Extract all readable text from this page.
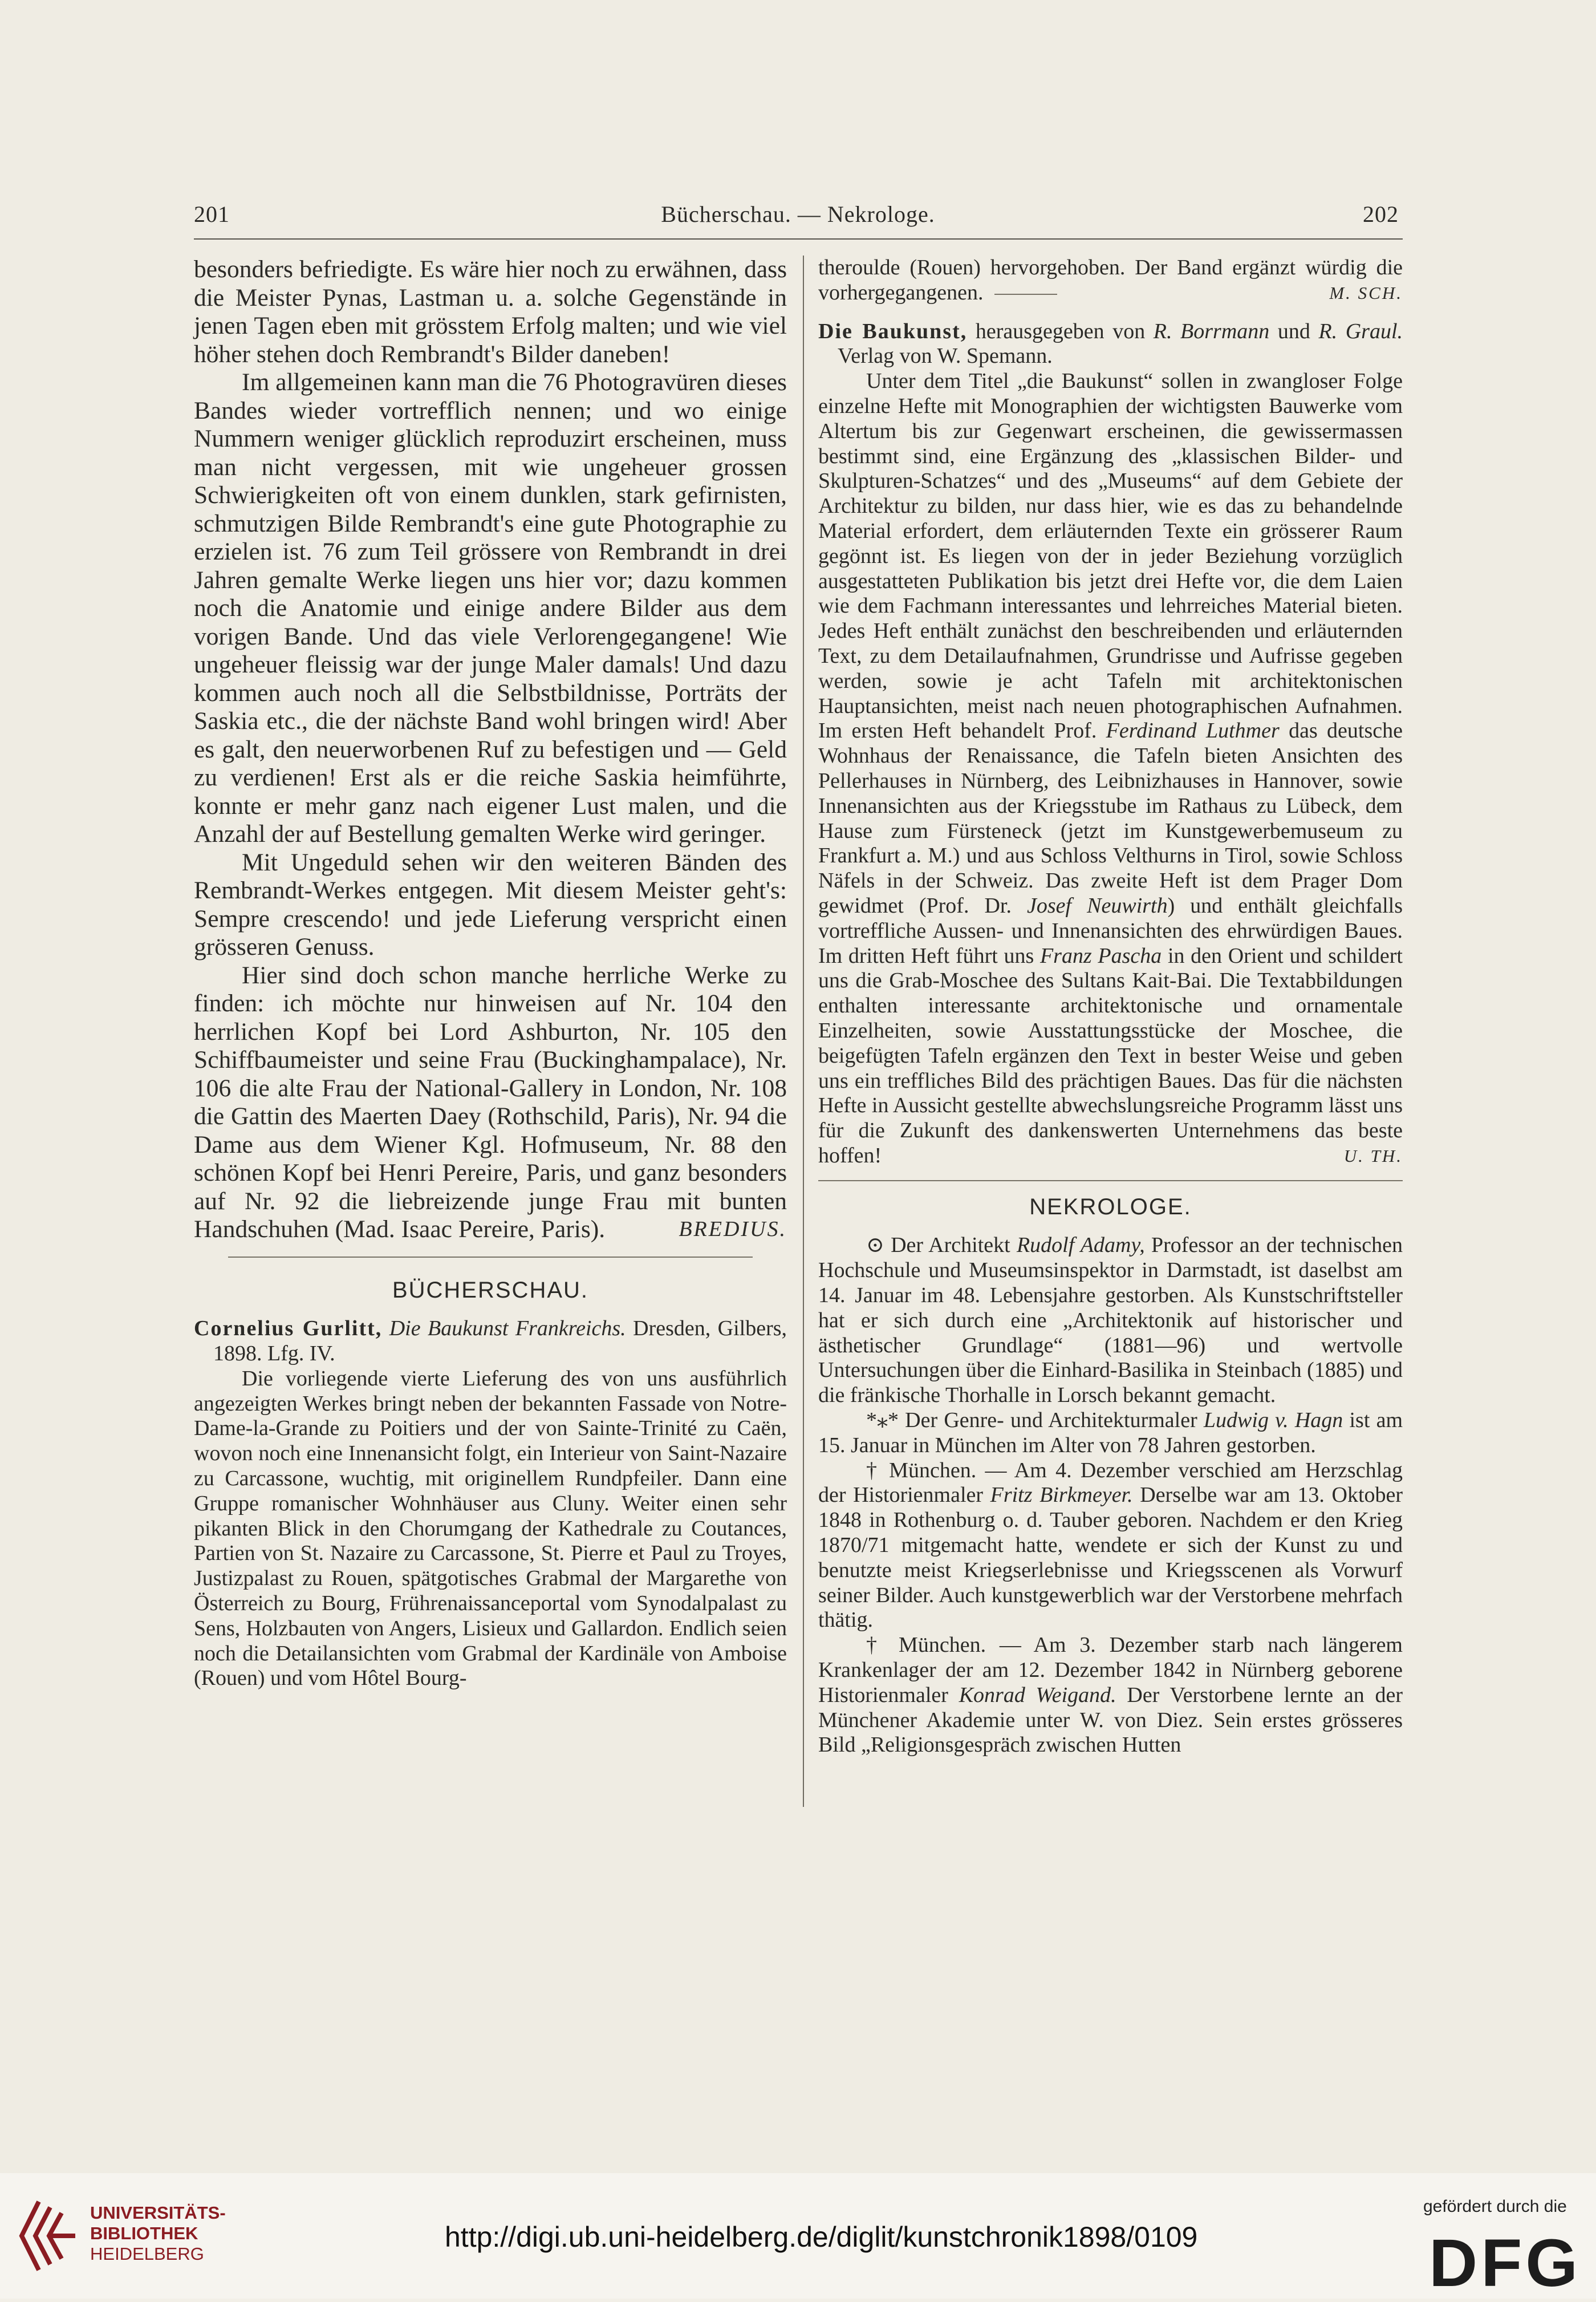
201	Bücherschau. — Nekrologe.	202

besonders befriedigte. Es wäre hier noch zu erwähnen, dass die Meister Pynas, Lastman u. a. solche Gegenstände in jenen Tagen eben mit grösstem Erfolg malten; und wie viel höher stehen doch Rembrandt's Bilder daneben!

Im allgemeinen kann man die 76 Photogravüren dieses Bandes wieder vortrefflich nennen; und wo einige Nummern weniger glücklich reproduzirt erscheinen, muss man nicht vergessen, mit wie ungeheuer grossen Schwierigkeiten oft von einem dunklen, stark gefirnisten, schmutzigen Bilde Rembrandt's eine gute Photographie zu erzielen ist. 76 zum Teil grössere von Rembrandt in drei Jahren gemalte Werke liegen uns hier vor; dazu kommen noch die Anatomie und einige andere Bilder aus dem vorigen Bande. Und das viele Verlorengegangene! Wie ungeheuer fleissig war der junge Maler damals! Und dazu kommen auch noch all die Selbstbildnisse, Porträts der Saskia etc., die der nächste Band wohl bringen wird! Aber es galt, den neuerworbenen Ruf zu befestigen und — Geld zu verdienen! Erst als er die reiche Saskia heimführte, konnte er mehr ganz nach eigener Lust malen, und die Anzahl der auf Bestellung gemalten Werke wird geringer.

Mit Ungeduld sehen wir den weiteren Bänden des Rembrandt-Werkes entgegen. Mit diesem Meister geht's: Sempre crescendo! und jede Lieferung verspricht einen grösseren Genuss.

Hier sind doch schon manche herrliche Werke zu finden: ich möchte nur hinweisen auf Nr. 104 den herrlichen Kopf bei Lord Ashburton, Nr. 105 den Schiffbaumeister und seine Frau (Buckinghampalace), Nr. 106 die alte Frau der National-Gallery in London, Nr. 108 die Gattin des Maerten Daey (Rothschild, Paris), Nr. 94 die Dame aus dem Wiener Kgl. Hofmuseum, Nr. 88 den schönen Kopf bei Henri Pereire, Paris, und ganz besonders auf Nr. 92 die liebreizende junge Frau mit bunten Handschuhen (Mad. Isaac Pereire, Paris).	BREDIUS.

BÜCHERSCHAU.

Cornelius Gurlitt, Die Baukunst Frankreichs. Dresden, Gilbers, 1898. Lfg. IV.

Die vorliegende vierte Lieferung des von uns ausführlich angezeigten Werkes bringt neben der bekannten Fassade von Notre-Dame-la-Grande zu Poitiers und der von Sainte-Trinité zu Caën, wovon noch eine Innenansicht folgt, ein Interieur von Saint-Nazaire zu Carcassone, wuchtig, mit originellem Rundpfeiler. Dann eine Gruppe romanischer Wohnhäuser aus Cluny. Weiter einen sehr pikanten Blick in den Chorumgang der Kathedrale zu Coutances, Partien von St. Nazaire zu Carcassone, St. Pierre et Paul zu Troyes, Justizpalast zu Rouen, spätgotisches Grabmal der Margarethe von Österreich zu Bourg, Frührenaissanceportal vom Synodalpalast zu Sens, Holzbauten von Angers, Lisieux und Gallardon. Endlich seien noch die Detailansichten vom Grabmal der Kardinäle von Amboise (Rouen) und vom Hôtel Bourg-

theroulde (Rouen) hervorgehoben. Der Band ergänzt würdig die vorhergegangenen.	M. SCH.

Die Baukunst, herausgegeben von R. Borrmann und R. Graul. Verlag von W. Spemann.

Unter dem Titel „die Baukunst“ sollen in zwangloser Folge einzelne Hefte mit Monographien der wichtigsten Bauwerke vom Altertum bis zur Gegenwart erscheinen, die gewissermassen bestimmt sind, eine Ergänzung des „klassischen Bilder- und Skulpturen-Schatzes“ und des „Museums“ auf dem Gebiete der Architektur zu bilden, nur dass hier, wie es das zu behandelnde Material erfordert, dem erläuternden Texte ein grösserer Raum gegönnt ist. Es liegen von der in jeder Beziehung vorzüglich ausgestatteten Publikation bis jetzt drei Hefte vor, die dem Laien wie dem Fachmann interessantes und lehrreiches Material bieten. Jedes Heft enthält zunächst den beschreibenden und erläuternden Text, zu dem Detailaufnahmen, Grundrisse und Aufrisse gegeben werden, sowie je acht Tafeln mit architektonischen Hauptansichten, meist nach neuen photographischen Aufnahmen. Im ersten Heft behandelt Prof. Ferdinand Luthmer das deutsche Wohnhaus der Renaissance, die Tafeln bieten Ansichten des Pellerhauses in Nürnberg, des Leibnizhauses in Hannover, sowie Innenansichten aus der Kriegsstube im Rathaus zu Lübeck, dem Hause zum Fürsteneck (jetzt im Kunstgewerbemuseum zu Frankfurt a. M.) und aus Schloss Velthurns in Tirol, sowie Schloss Näfels in der Schweiz. Das zweite Heft ist dem Prager Dom gewidmet (Prof. Dr. Josef Neuwirth) und enthält gleichfalls vortreffliche Aussen- und Innenansichten des ehrwürdigen Baues. Im dritten Heft führt uns Franz Pascha in den Orient und schildert uns die Grab-Moschee des Sultans Kait-Bai. Die Textabbildungen enthalten interessante architektonische und ornamentale Einzelheiten, sowie Ausstattungsstücke der Moschee, die beigefügten Tafeln ergänzen den Text in bester Weise und geben uns ein treffliches Bild des prächtigen Baues. Das für die nächsten Hefte in Aussicht gestellte abwechslungsreiche Programm lässt uns für die Zukunft des dankenswerten Unternehmens das beste hoffen!	U. TH.

NEKROLOGE.

⊙ Der Architekt Rudolf Adamy, Professor an der technischen Hochschule und Museumsinspektor in Darmstadt, ist daselbst am 14. Januar im 48. Lebensjahre gestorben. Als Kunstschriftsteller hat er sich durch eine „Architektonik auf historischer und ästhetischer Grundlage“ (1881—96) und wertvolle Untersuchungen über die Einhard-Basilika in Steinbach (1885) und die fränkische Thorhalle in Lorsch bekannt gemacht.

*⁎* Der Genre- und Architekturmaler Ludwig v. Hagn ist am 15. Januar in München im Alter von 78 Jahren gestorben.

† München. — Am 4. Dezember verschied am Herzschlag der Historienmaler Fritz Birkmeyer. Derselbe war am 13. Oktober 1848 in Rothenburg o. d. Tauber geboren. Nachdem er den Krieg 1870/71 mitgemacht hatte, wendete er sich der Kunst zu und benutzte meist Kriegserlebnisse und Kriegsscenen als Vorwurf seiner Bilder. Auch kunstgewerblich war der Verstorbene mehrfach thätig.

† München. — Am 3. Dezember starb nach längerem Krankenlager der am 12. Dezember 1842 in Nürnberg geborene Historienmaler Konrad Weigand. Der Verstorbene lernte an der Münchener Akademie unter W. von Diez. Sein erstes grösseres Bild „Religionsgespräch zwischen Hutten

UNIVERSITÄTS-
BIBLIOTHEK
HEIDELBERG
http://digi.ub.uni-heidelberg.de/diglit/kunstchronik1898/0109
gefördert durch die
DFG
